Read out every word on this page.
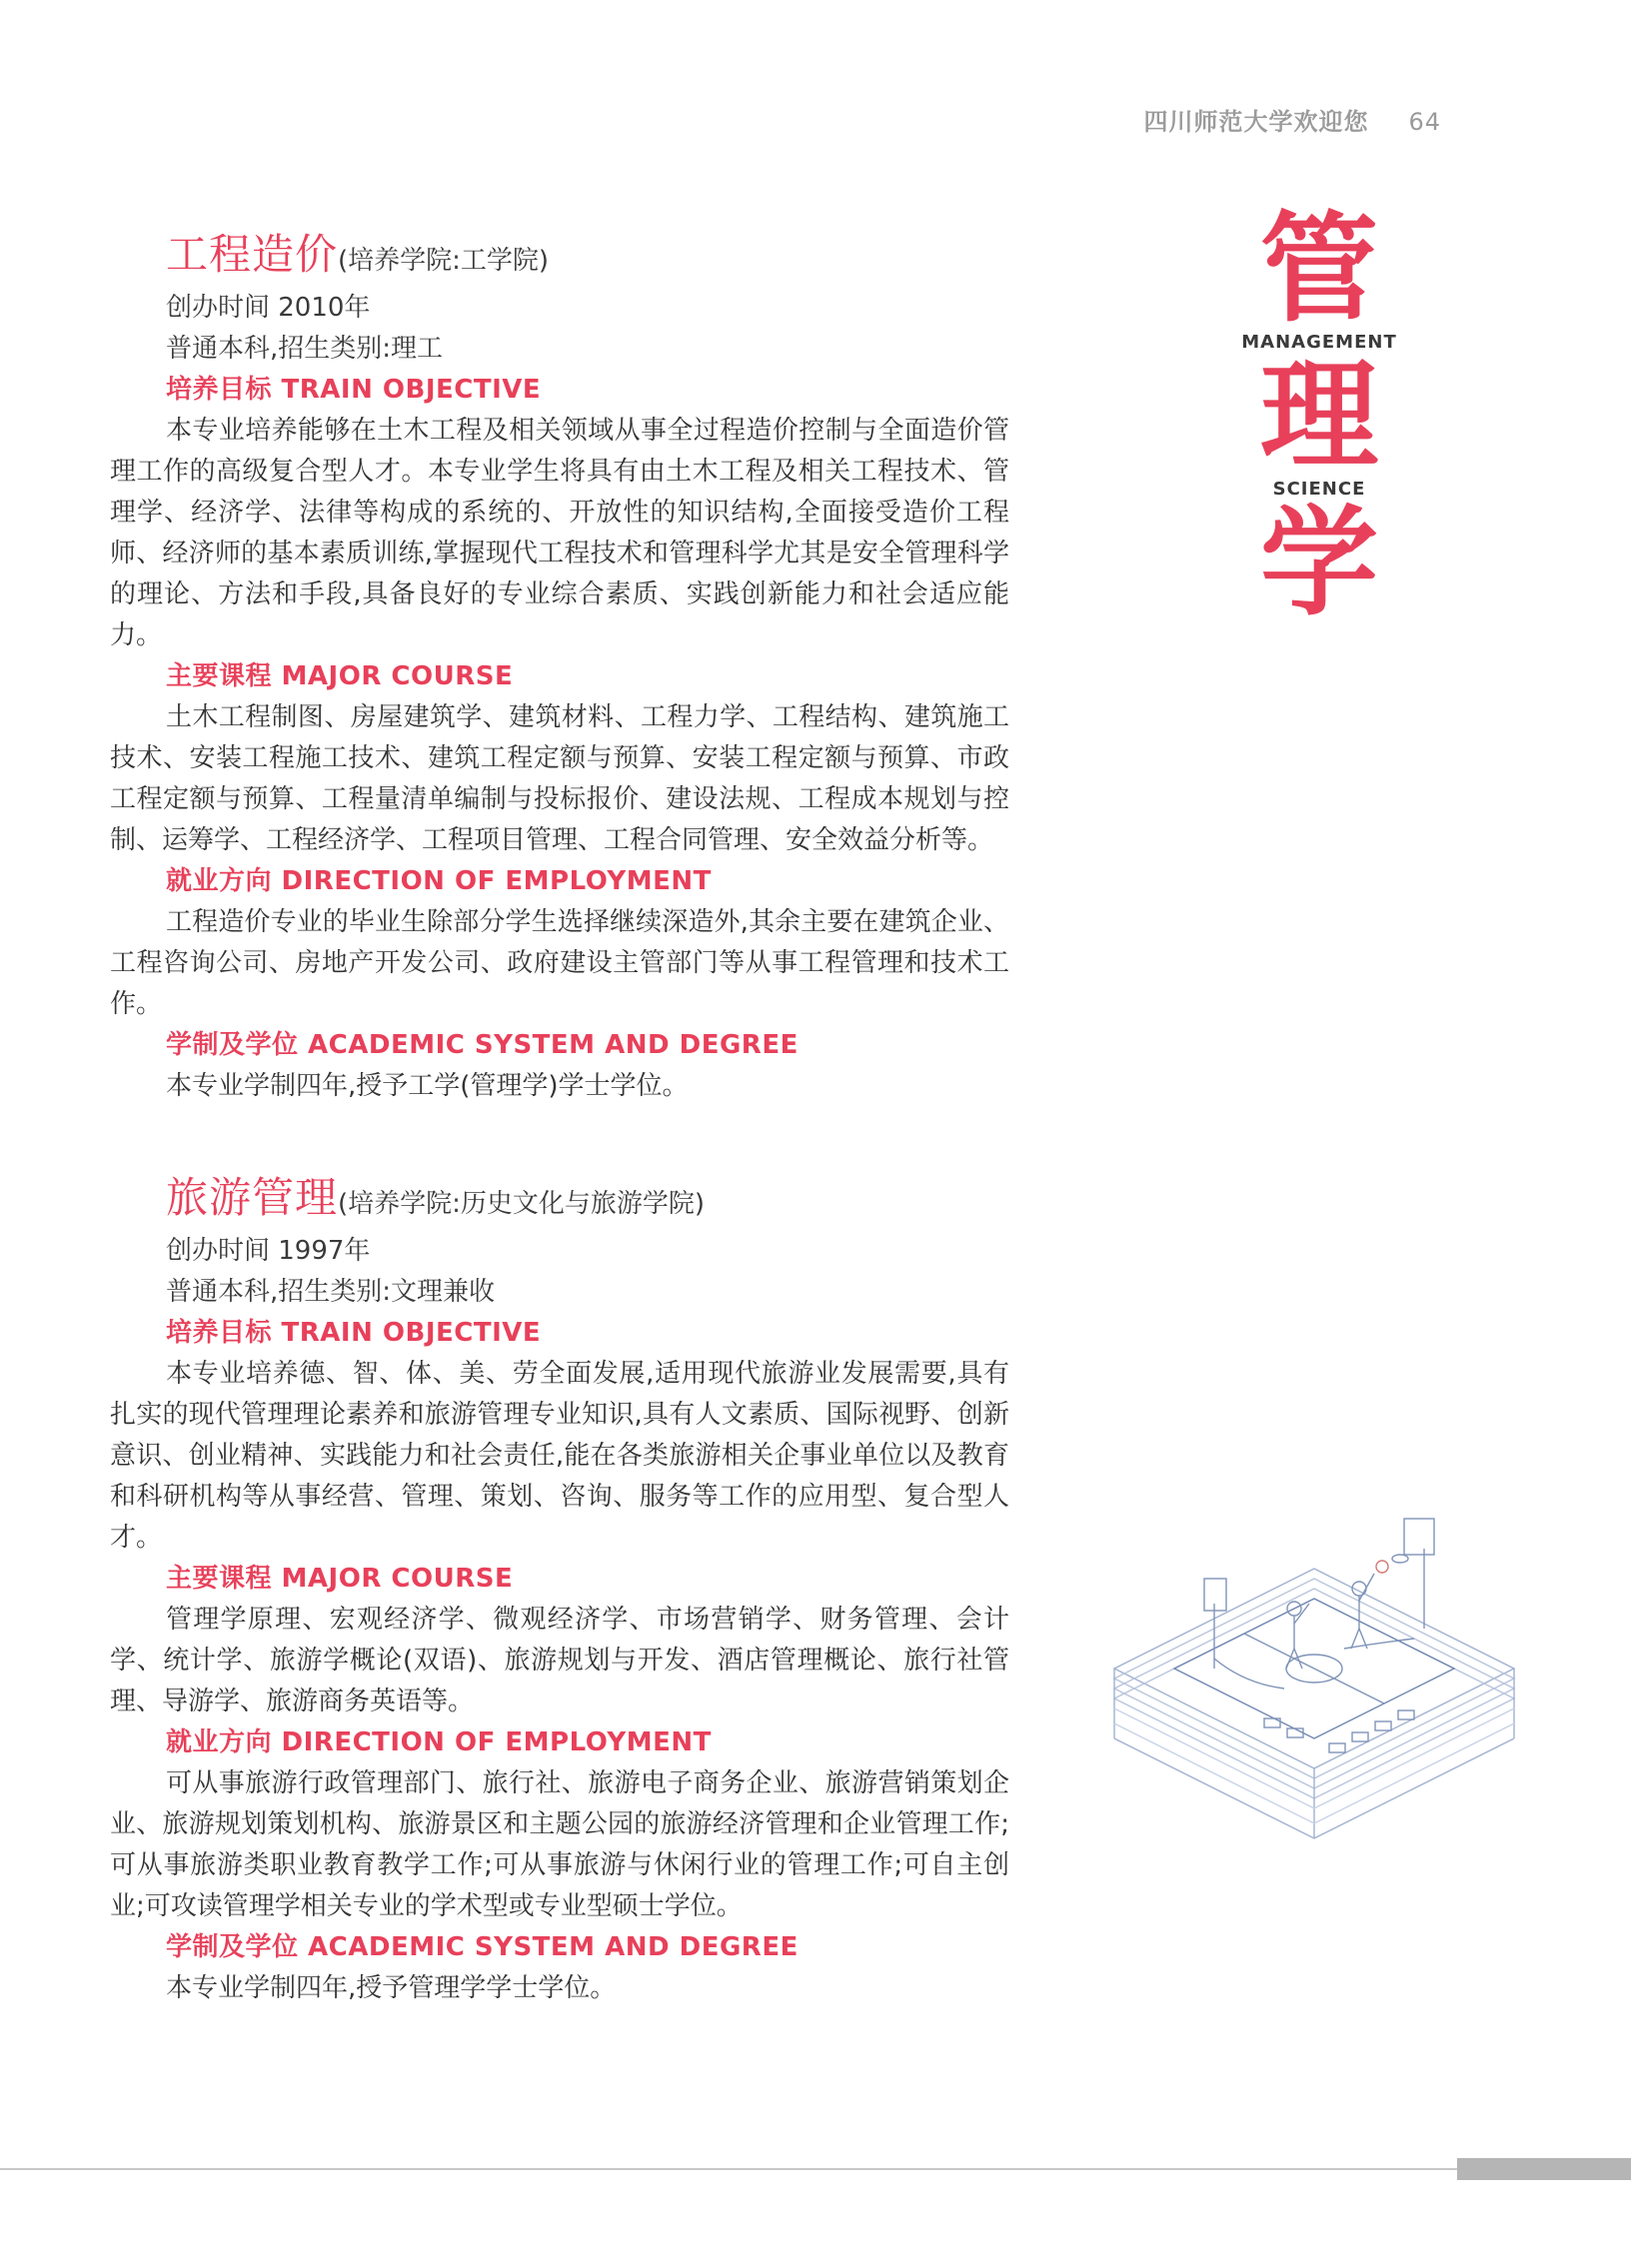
四川师范大学欢迎您 64
工程造价(培养学院:工学院)
创办时间 2010年
普通本科,招生类别:理工
培养目标 TRAIN OBJECTIVE

本专业培养能够在土木工程及相关领域从事全过程造价控制与全面造价管理工作的高级复合型人才。本专业学生将具有由土木工程及相关工程技术、管理学、经济学、法律等构成的系统的、开放性的知识结构,全面接受造价工程师、经济师的基本素质训练,掌握现代工程技术和管理科学尤其是安全管理科学的理论、方法和手段,具备良好的专业综合素质、实践创新能力和社会适应能力。

主要课程 MAJOR COURSE

土木工程制图、房屋建筑学、建筑材料、工程力学、工程结构、建筑施工技术、安装工程施工技术、建筑工程定额与预算、安装工程定额与预算、市政工程定额与预算、工程量清单编制与投标报价、建设法规、工程成本规划与控制、运筹学、工程经济学、工程项目管理、工程合同管理、安全效益分析等。

就业方向 DIRECTION OF EMPLOYMENT

工程造价专业的毕业生除部分学生选择继续深造外,其余主要在建筑企业、工程咨询公司、房地产开发公司、政府建设主管部门等从事工程管理和技术工作。

学制及学位 ACADEMIC SYSTEM AND DEGREE

本专业学制四年,授予工学(管理学)学士学位。

旅游管理(培养学院:历史文化与旅游学院)
创办时间 1997年
普通本科,招生类别:文理兼收
培养目标 TRAIN OBJECTIVE

本专业培养德、智、体、美、劳全面发展,适用现代旅游业发展需要,具有扎实的现代管理理论素养和旅游管理专业知识,具有人文素质、国际视野、创新意识、创业精神、实践能力和社会责任,能在各类旅游相关企事业单位以及教育和科研机构等从事经营、管理、策划、咨询、服务等工作的应用型、复合型人才。

主要课程 MAJOR COURSE

管理学原理、宏观经济学、微观经济学、市场营销学、财务管理、会计学、统计学、旅游学概论(双语)、旅游规划与开发、酒店管理概论、旅行社管理、导游学、旅游商务英语等。

就业方向 DIRECTION OF EMPLOYMENT

可从事旅游行政管理部门、旅行社、旅游电子商务企业、旅游营销策划企业、旅游规划策划机构、旅游景区和主题公园的旅游经济管理和企业管理工作;可从事旅游类职业教育教学工作;可从事旅游与休闲行业的管理工作;可自主创业;可攻读管理学相关专业的学术型或专业型硕士学位。

学制及学位 ACADEMIC SYSTEM AND DEGREE

本专业学制四年,授予管理学学士学位。

管
MANAGEMENT
理
SCIENCE
学
